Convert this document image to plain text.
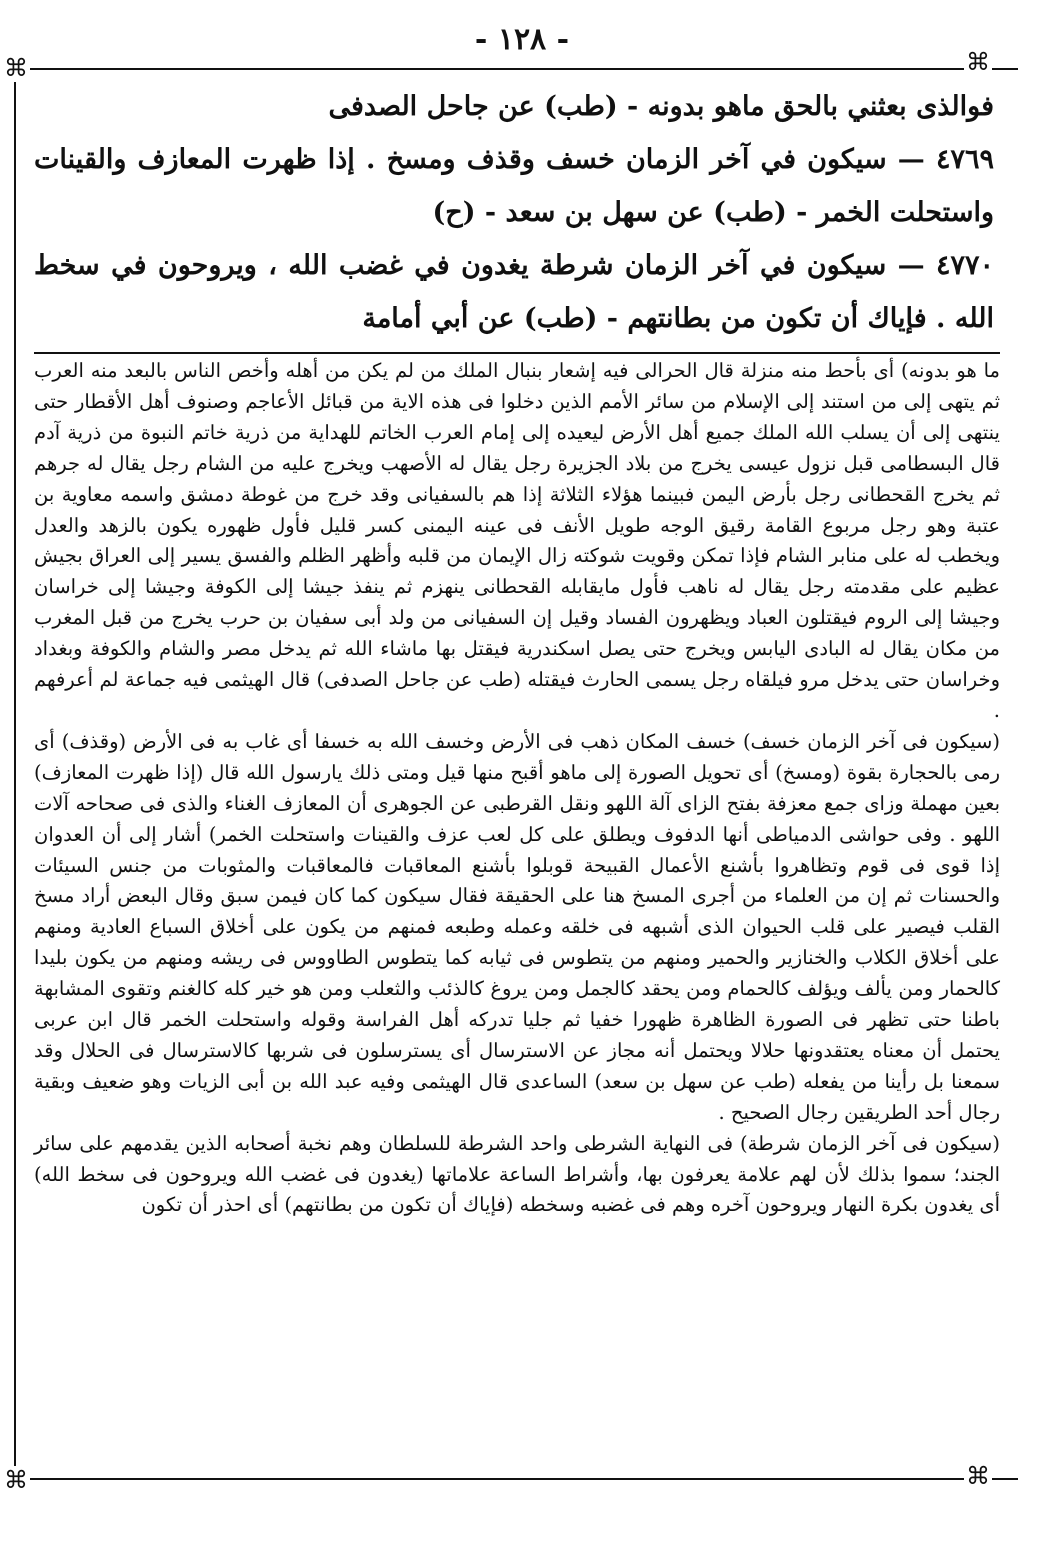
- ١٢٨ -
⌘	⌘
⌘	⌘

فوالذى بعثني بالحق ماهو بدونه - (طب) عن جاحل الصدفى

٤٧٦٩ — سيكون في آخر الزمان خسف وقذف ومسخ . إذا ظهرت المعازف والقينات واستحلت الخمر - (طب) عن سهل بن سعد - (ح)

٤٧٧٠ — سيكون في آخر الزمان شرطة يغدون في غضب الله ، ويروحون في سخط الله . فإياك أن تكون من بطانتهم - (طب) عن أبي أمامة

ما هو بدونه) أى بأحط منه منزلة قال الحرالى فيه إشعار بنبال الملك من لم يكن من أهله وأخص الناس بالبعد منه العرب ثم يتهى إلى من استند إلى الإسلام من سائر الأمم الذين دخلوا فى هذه الاية من قبائل الأعاجم وصنوف أهل الأقطار حتى ينتهى إلى أن يسلب الله الملك جميع أهل الأرض ليعيده إلى إمام العرب الخاتم للهداية من ذرية خاتم النبوة من ذرية آدم قال البسطامى قبل نزول عيسى يخرج من بلاد الجزيرة رجل يقال له الأصهب ويخرج عليه من الشام رجل يقال له جرهم ثم يخرج القحطانى رجل بأرض اليمن فبينما هؤلاء الثلاثة إذا هم بالسفيانى وقد خرج من غوطة دمشق واسمه معاوية بن عتبة وهو رجل مربوع القامة رقيق الوجه طويل الأنف فى عينه اليمنى كسر قليل فأول ظهوره يكون بالزهد والعدل ويخطب له على منابر الشام فإذا تمكن وقويت شوكته زال الإيمان من قلبه وأظهر الظلم والفسق يسير إلى العراق بجيش عظيم على مقدمته رجل يقال له ناهب فأول مايقابله القحطانى ينهزم ثم ينفذ جيشا إلى الكوفة وجيشا إلى خراسان وجيشا إلى الروم فيقتلون العباد ويظهرون الفساد وقيل إن السفيانى من ولد أبى سفيان بن حرب يخرج من قبل المغرب من مكان يقال له البادى اليابس ويخرج حتى يصل اسكندرية فيقتل بها ماشاء الله ثم يدخل مصر والشام والكوفة وبغداد وخراسان حتى يدخل مرو فيلقاه رجل يسمى الحارث فيقتله (طب عن جاحل الصدفى) قال الهيثمى فيه جماعة لم أعرفهم .

(سيكون فى آخر الزمان خسف) خسف المكان ذهب فى الأرض وخسف الله به خسفا أى غاب به فى الأرض (وقذف) أى رمى بالحجارة بقوة (ومسخ) أى تحويل الصورة إلى ماهو أقبح منها قيل ومتى ذلك يارسول الله قال (إذا ظهرت المعازف) بعين مهملة وزاى جمع معزفة بفتح الزاى آلة اللهو ونقل القرطبى عن الجوهرى أن المعازف الغناء والذى فى صحاحه آلات اللهو . وفى حواشى الدمياطى أنها الدفوف ويطلق على كل لعب عزف والقينات واستحلت الخمر) أشار إلى أن العدوان إذا قوى فى قوم وتظاهروا بأشنع الأعمال القبيحة قوبلوا بأشنع المعاقبات فالمعاقبات والمثوبات من جنس السيئات والحسنات ثم إن من العلماء من أجرى المسخ هنا على الحقيقة فقال سيكون كما كان فيمن سبق وقال البعض أراد مسخ القلب فيصير على قلب الحيوان الذى أشبهه فى خلقه وعمله وطبعه فمنهم من يكون على أخلاق السباع العادية ومنهم على أخلاق الكلاب والخنازير والحمير ومنهم من يتطوس فى ثيابه كما يتطوس الطاووس فى ريشه ومنهم من يكون بليدا كالحمار ومن يألف ويؤلف كالحمام ومن يحقد كالجمل ومن يروغ كالذئب والثعلب ومن هو خير كله كالغنم وتقوى المشابهة باطنا حتى تظهر فى الصورة الظاهرة ظهورا خفيا ثم جليا تدركه أهل الفراسة وقوله واستحلت الخمر قال ابن عربى يحتمل أن معناه يعتقدونها حلالا ويحتمل أنه مجاز عن الاسترسال أى يسترسلون فى شربها كالاسترسال فى الحلال وقد سمعنا بل رأينا من يفعله (طب عن سهل بن سعد) الساعدى قال الهيثمى وفيه عبد الله بن أبى الزيات وهو ضعيف وبقية رجال أحد الطريقين رجال الصحيح .

(سيكون فى آخر الزمان شرطة) فى النهاية الشرطى واحد الشرطة للسلطان وهم نخبة أصحابه الذين يقدمهم على سائر الجند؛ سموا بذلك لأن لهم علامة يعرفون بها، وأشراط الساعة علاماتها (يغدون فى غضب الله ويروحون فى سخط الله) أى يغدون بكرة النهار ويروحون آخره وهم فى غضبه وسخطه (فإياك أن تكون من بطانتهم) أى احذر أن تكون
